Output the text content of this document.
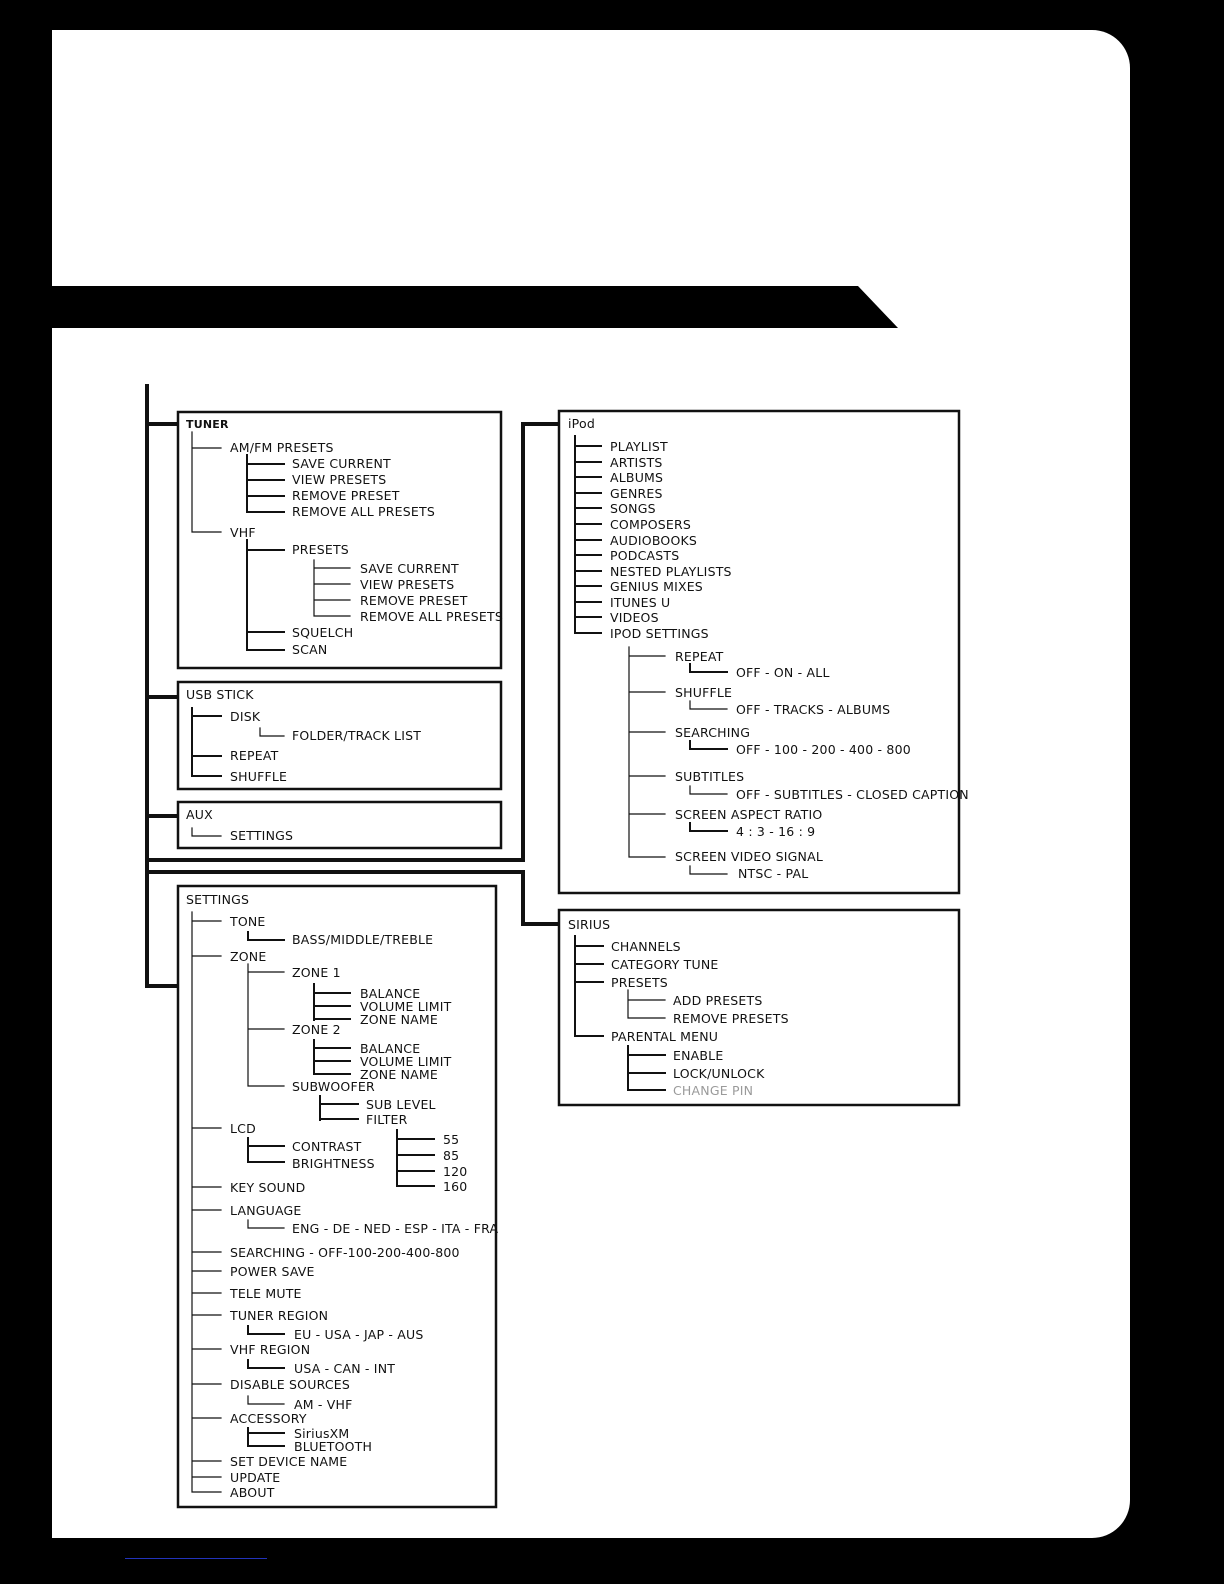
TUNER
AM/FM PRESETS
SAVE CURRENT
VIEW PRESETS
REMOVE PRESET
REMOVE ALL PRESETS
VHF
PRESETS
SAVE CURRENT
VIEW PRESETS
REMOVE PRESET
REMOVE ALL PRESETS
SQUELCH
SCAN
USB STICK
DISK
FOLDER/TRACK LIST
REPEAT
SHUFFLE
AUX
SETTINGS
SETTINGS
TONE
BASS/MIDDLE/TREBLE
ZONE
ZONE 1
BALANCE
VOLUME LIMIT
ZONE NAME
ZONE 2
BALANCE
VOLUME LIMIT
ZONE NAME
SUBWOOFER
SUB LEVEL
FILTER
LCD
CONTRAST
BRIGHTNESS
55
85
120
160
KEY SOUND
LANGUAGE
ENG - DE - NED - ESP - ITA - FRA
SEARCHING - OFF-100-200-400-800
POWER SAVE
TELE MUTE
TUNER REGION
EU - USA - JAP - AUS
VHF REGION
USA - CAN - INT
DISABLE SOURCES
AM - VHF
ACCESSORY
SiriusXM
BLUETOOTH
SET DEVICE NAME
UPDATE
ABOUT
iPod
PLAYLIST
ARTISTS
ALBUMS
GENRES
SONGS
COMPOSERS
AUDIOBOOKS
PODCASTS
NESTED PLAYLISTS
GENIUS MIXES
ITUNES U
VIDEOS
IPOD SETTINGS
REPEAT
OFF - ON - ALL
SHUFFLE
OFF - TRACKS - ALBUMS
SEARCHING
OFF - 100 - 200 - 400 - 800
SUBTITLES
OFF - SUBTITLES - CLOSED CAPTION
SCREEN ASPECT RATIO
4 : 3 - 16 : 9
SCREEN VIDEO SIGNAL
NTSC - PAL
SIRIUS
CHANNELS
CATEGORY TUNE
PRESETS
ADD PRESETS
REMOVE PRESETS
PARENTAL MENU
ENABLE
LOCK/UNLOCK
CHANGE PIN
